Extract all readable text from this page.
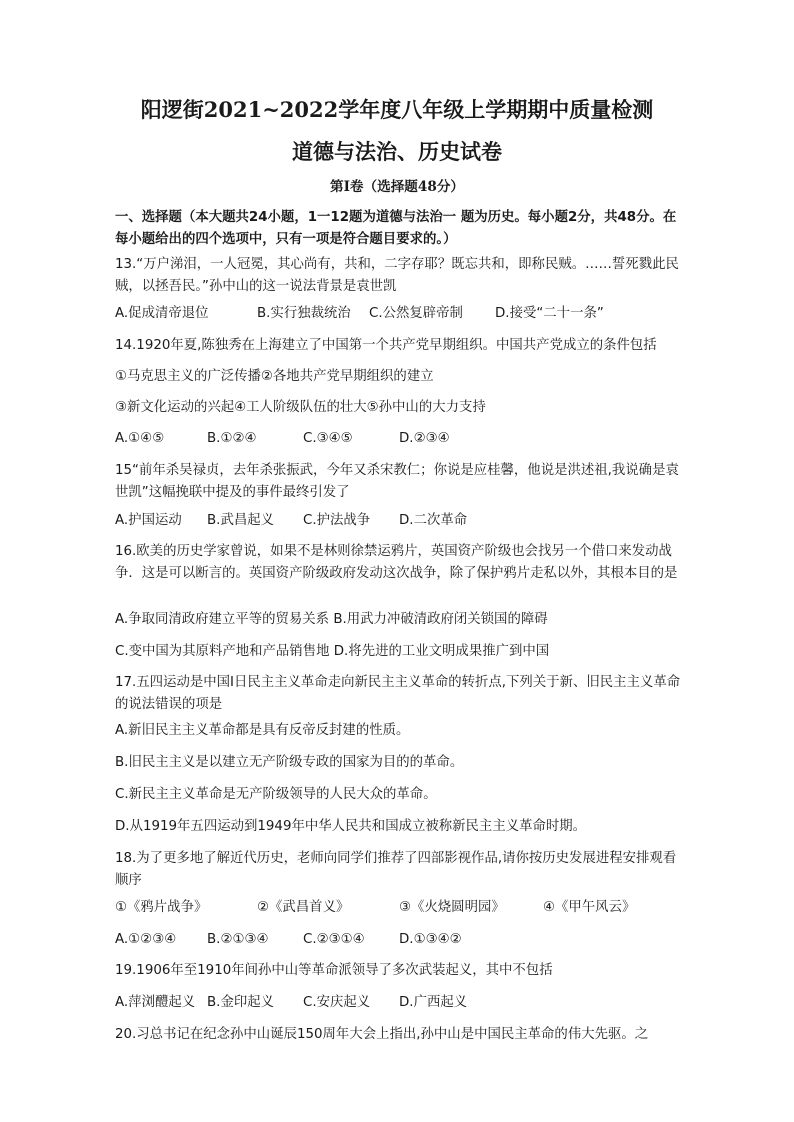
阳逻街2021~2022学年度八年级上学期期中质量检测
道德与法治、历史试卷
第Ⅰ卷（选择题48分）
一、选择题（本大题共24小题，1一12题为道德与法治一 题为历史。每小题2分，共48分。在每小题给出的四个选项中，只有一项是符合题目要求的。）
13.“万户涕泪，一人冠冕，其心尚有，共和，二字存耶？既忘共和，即称民贼。……誓死戮此民贼，以拯吾民。”孙中山的这一说法背景是袁世凯
A.促成清帝退位	B.实行独裁统治 C.公然复辟帝制 D.接受“二十一条”
14.1920年夏,陈独秀在上海建立了中国第一个共产党早期组织。中国共产党成立的条件包括
①马克思主义的广泛传播②各地共产党早期组织的建立
③新文化运动的兴起④工人阶级队伍的壮大⑤孙中山的大力支持
A.①④⑤	B.①②④	C.③④⑤	D.②③④
15“前年杀吴禄贞，去年杀张振武，今年又杀宋教仁；你说是应桂馨，他说是洪述祖,我说确是袁世凯”这幅挽联中提及的事件最终引发了
A.护国运动 B.武昌起义 C.护法战争 D.二次革命
16.欧美的历史学家曾说，如果不是林则徐禁运鸦片，英国资产阶级也会找另一个借口来发动战争．这是可以断言的。英国资产阶级政府发动这次战争，除了保护鸦片走私以外，其根本目的是
A.争取同清政府建立平等的贸易关系 B.用武力冲破清政府闭关锁国的障碍
C.变中国为其原料产地和产品销售地 D.将先进的工业文明成果推广到中国
17.五四运动是中国Ⅰ日民主主义革命走向新民主主义革命的转折点,下列关于新、旧民主主义革命的说法错误的项是
A.新旧民主主义革命都是具有反帝反封建的性质。
B.旧民主主义是以建立无产阶级专政的国家为目的的革命。
C.新民主主义革命是无产阶级领导的人民大众的革命。
D.从1919年五四运动到1949年中华人民共和国成立被称新民主主义革命时期。
18.为了更多地了解近代历史，老师向同学们推荐了四部影视作品,请你按历史发展进程安排观看顺序
①《鸦片战争》	②《武昌首义》	③《火烧圆明园》	④《甲午风云》
A.①②③④ B.②①③④	C.②③①④	D.①③④②
19.1906年至1910年间孙中山等革命派领导了多次武装起义，其中不包括
A.萍浏醴起义 B.金印起义 C.安庆起义 D.广西起义
20.习总书记在纪念孙中山诞辰150周年大会上指出,孙中山是中国民主革命的伟大先驱。之
